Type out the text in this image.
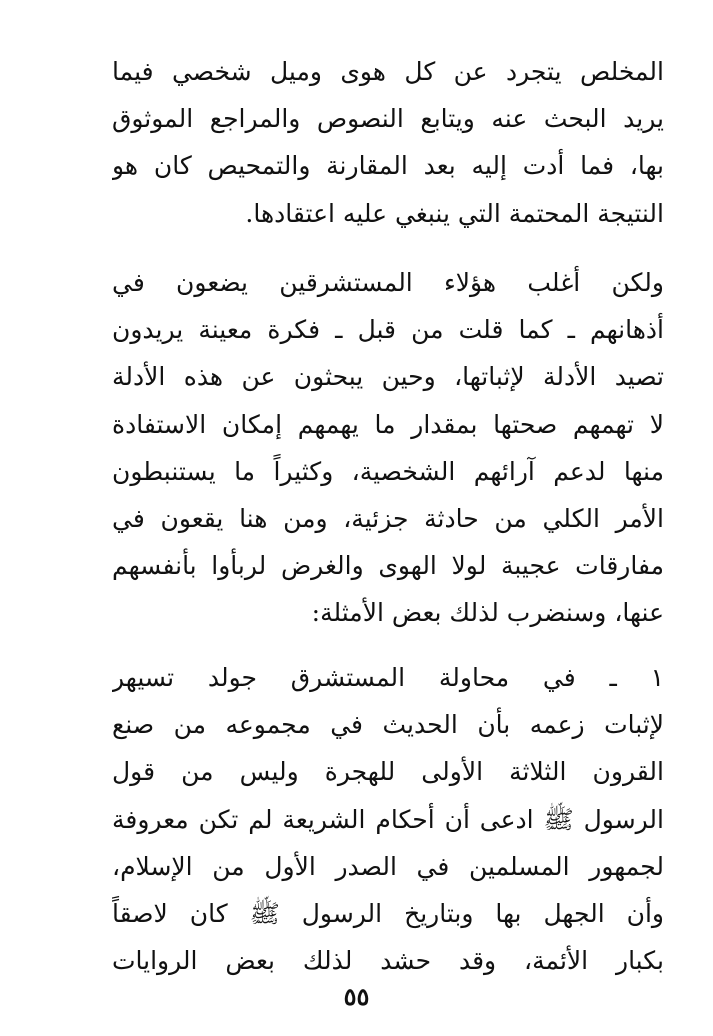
المخلص يتجرد عن كل هوى وميل شخصي فيما
يريد البحث عنه ويتابع النصوص والمراجع الموثوق
بها، فما أدت إليه بعد المقارنة والتمحيص كان هو
النتيجة المحتمة التي ينبغي عليه اعتقادها.
ولكن أغلب هؤلاء المستشرقين يضعون في
أذهانهم ـ كما قلت من قبل ـ فكرة معينة يريدون
تصيد الأدلة لإثباتها، وحين يبحثون عن هذه الأدلة
لا تهمهم صحتها بمقدار ما يهمهم إمكان الاستفادة
منها لدعم آرائهم الشخصية، وكثيراً ما يستنبطون
الأمر الكلي من حادثة جزئية، ومن هنا يقعون في
مفارقات عجيبة لولا الهوى والغرض لربأوا بأنفسهم
عنها، وسنضرب لذلك بعض الأمثلة:
١ ـ في محاولة المستشرق جولد تسيهر
لإثبات زعمه بأن الحديث في مجموعه من صنع
القرون الثلاثة الأولى للهجرة وليس من قول
الرسول ﷺ ادعى أن أحكام الشريعة لم تكن معروفة
لجمهور المسلمين في الصدر الأول من الإسلام،
وأن الجهل بها وبتاريخ الرسول ﷺ كان لاصقاً
بكبار الأئمة، وقد حشد لذلك بعض الروايات
٥٥
